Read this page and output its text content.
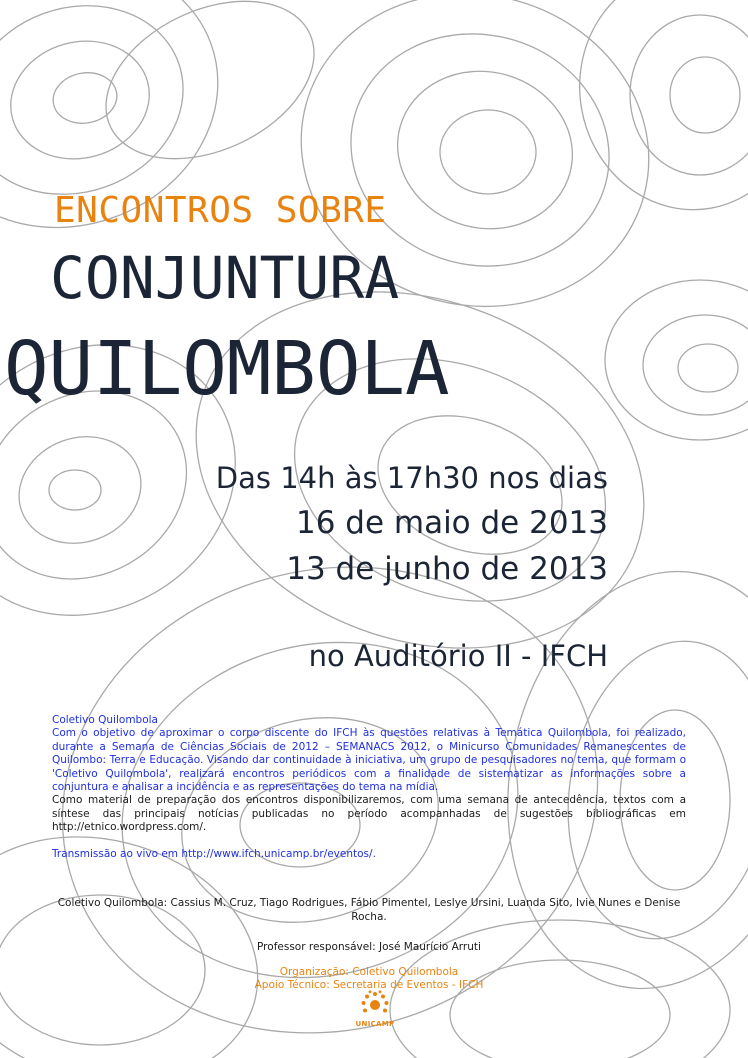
ENCONTROS SOBRE
CONJUNTURA
QUILOMBOLA
Das 14h às 17h30 nos dias
16 de maio de 2013
13 de junho de 2013
no Auditório II - IFCH

Coletivo Quilombola

Com o objetivo de aproximar o corpo discente do IFCH às questões relativas à Temática Quilombola, foi realizado, durante a Semana de Ciências Sociais de 2012 – SEMANACS 2012, o Minicurso Comunidades Remanescentes de Quilombo: Terra e Educação. Visando dar continuidade à iniciativa, um grupo de pesquisadores no tema, que formam o 'Coletivo Quilombola', realizará encontros periódicos com a finalidade de sistematizar as informações sobre a conjuntura e analisar a incidência e as representações do tema na mídia.

Como material de preparação dos encontros disponibilizaremos, com uma semana de antecedência, textos com a síntese das principais notícias publicadas no período acompanhadas de sugestões bibliográficas em http://etnico.wordpress.com/.

Transmissão ao vivo em http://www.ifch.unicamp.br/eventos/.

Coletivo Quilombola: Cassius M. Cruz, Tiago Rodrigues, Fábio Pimentel, Leslye Ursini, Luanda Sito, Ivie Nunes e Denise Rocha.
Professor responsável: José Maurício Arruti
Organização: Coletivo Quilombola
Apoio Técnico: Secretaria de Eventos - IFCH
UNICAMP
